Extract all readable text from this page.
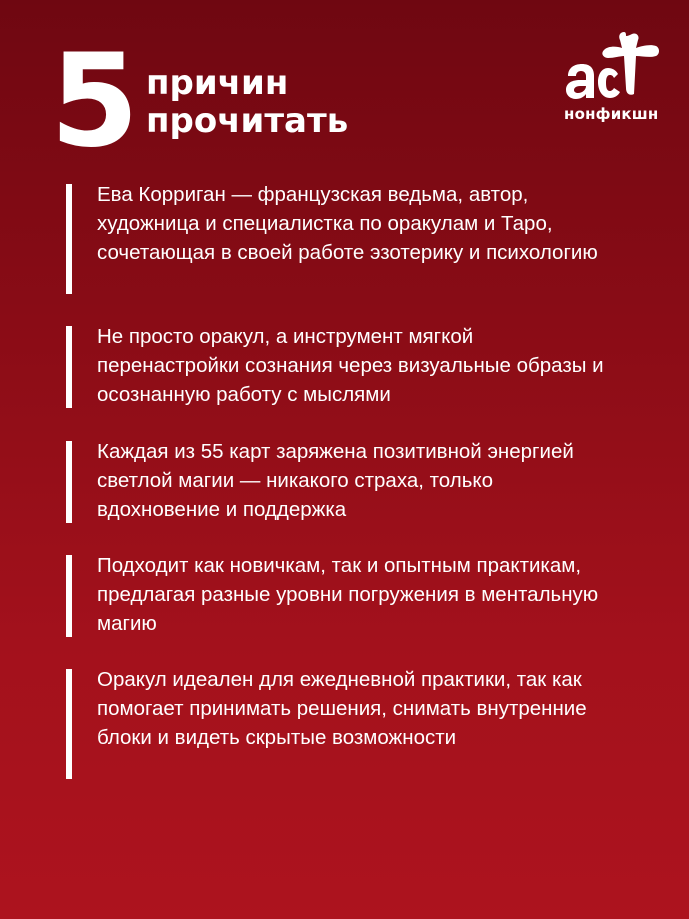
5 причин
прочитать	нонфикшн
Ева Корриган — французская ведьма, автор, художница и специалистка по оракулам и Таро, сочетающая в своей работе эзотерику и психологию
Не просто оракул, а инструмент мягкой перенастройки сознания через визуальные образы и осознанную работу с мыслями
Каждая из 55 карт заряжена позитивной энергией светлой магии — никакого страха, только вдохновение и поддержка
Подходит как новичкам, так и опытным практикам, предлагая разные уровни погружения в ментальную магию
Оракул идеален для ежедневной практики, так как помогает принимать решения, снимать внутренние блоки и видеть скрытые возможности
